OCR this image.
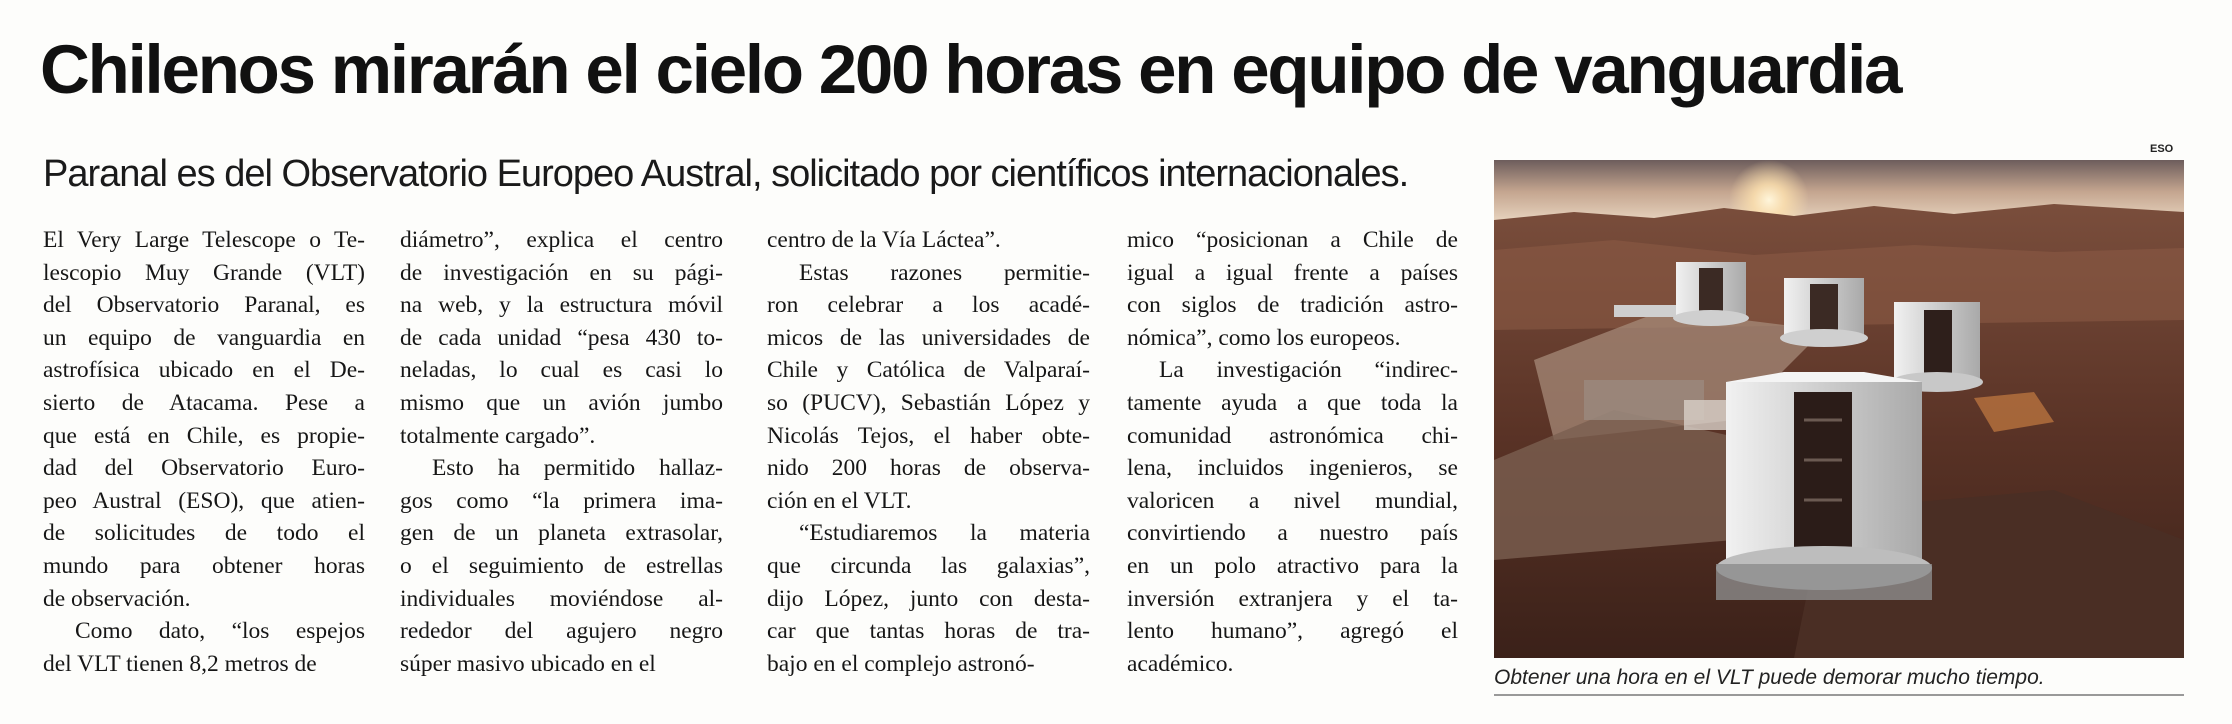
Chilenos mirarán el cielo 200 horas en equipo de vanguardia
Paranal es del Observatorio Europeo Austral, solicitado por científicos internacionales.

El Very Large Telescope o Te-
lescopio Muy Grande (VLT)
del Observatorio Paranal, es
un equipo de vanguardia en
astrofísica ubicado en el De-
sierto de Atacama. Pese a
que está en Chile, es propie-
dad del Observatorio Euro-
peo Austral (ESO), que atien-
de solicitudes de todo el
mundo para obtener horas
de observación.

Como dato, “los espejos
del VLT tienen 8,2 metros de

diámetro”, explica el centro
de investigación en su pági-
na web, y la estructura móvil
de cada unidad “pesa 430 to-
neladas, lo cual es casi lo
mismo que un avión jumbo
totalmente cargado”.

Esto ha permitido hallaz-
gos como “la primera ima-
gen de un planeta extrasolar,
o el seguimiento de estrellas
individuales moviéndose al-
rededor del agujero negro
súper masivo ubicado en el

centro de la Vía Láctea”.

Estas razones permitie-
ron celebrar a los acadé-
micos de las universidades de
Chile y Católica de Valparaí-
so (PUCV), Sebastián López y
Nicolás Tejos, el haber obte-
nido 200 horas de observa-
ción en el VLT.

“Estudiaremos la materia
que circunda las galaxias”,
dijo López, junto con desta-
car que tantas horas de tra-
bajo en el complejo astronó-

mico “posicionan a Chile de
igual a igual frente a países
con siglos de tradición astro-
nómica”, como los europeos.

La investigación “indirec-
tamente ayuda a que toda la
comunidad astronómica chi-
lena, incluidos ingenieros, se
valoricen a nivel mundial,
convirtiendo a nuestro país
en un polo atractivo para la
inversión extranjera y el ta-
lento humano”, agregó el
académico.

ESO
Obtener una hora en el VLT puede demorar mucho tiempo.
